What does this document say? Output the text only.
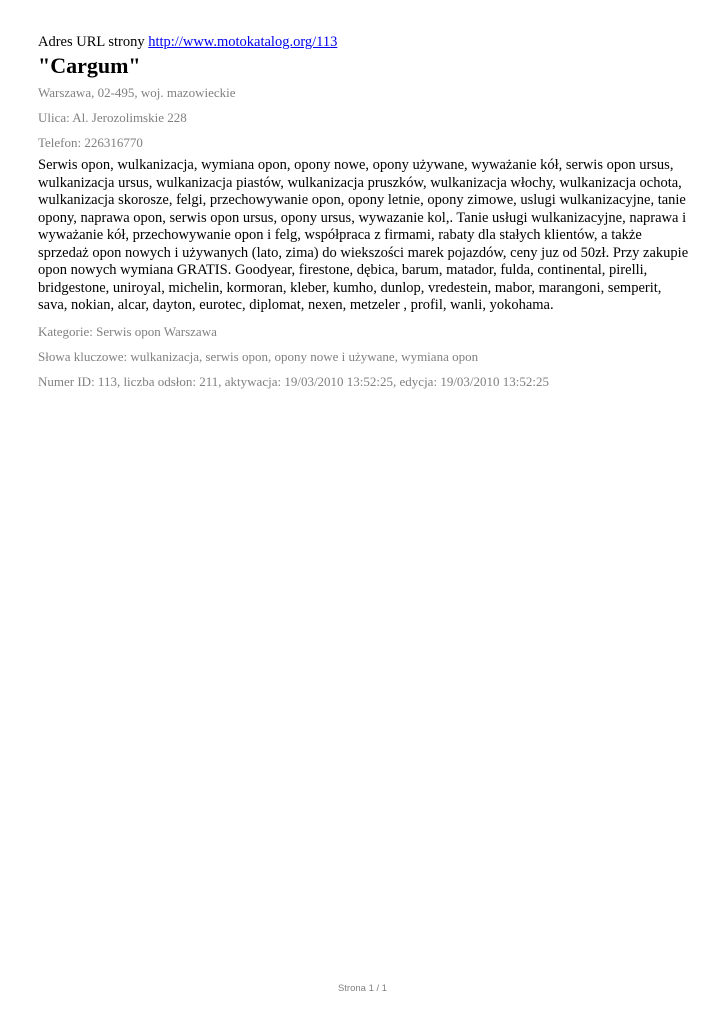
Adres URL strony http://www.motokatalog.org/113
"Cargum"
Warszawa, 02-495, woj. mazowieckie
Ulica: Al. Jerozolimskie 228
Telefon: 226316770
Serwis opon, wulkanizacja, wymiana opon, opony nowe, opony używane, wyważanie kół, serwis opon ursus, wulkanizacja ursus, wulkanizacja piastów, wulkanizacja pruszków, wulkanizacja włochy, wulkanizacja ochota, wulkanizacja skorosze, felgi, przechowywanie opon, opony letnie, opony zimowe, uslugi wulkanizacyjne, tanie opony, naprawa opon, serwis opon ursus, opony ursus, wywazanie kol,. Tanie usługi wulkanizacyjne, naprawa i wyważanie kół, przechowywanie opon i felg, współpraca z firmami, rabaty dla stałych klientów, a także sprzedaż opon nowych i używanych (lato, zima) do wiekszości marek pojazdów, ceny juz od 50zł. Przy zakupie opon nowych wymiana GRATIS. Goodyear, firestone, dębica, barum, matador, fulda, continental, pirelli, bridgestone, uniroyal, michelin, kormoran, kleber, kumho, dunlop, vredestein, mabor, marangoni, semperit, sava, nokian, alcar, dayton, eurotec, diplomat, nexen, metzeler , profil, wanli, yokohama.
Kategorie: Serwis opon Warszawa
Słowa kluczowe: wulkanizacja, serwis opon, opony nowe i używane, wymiana opon
Numer ID: 113, liczba odsłon: 211, aktywacja: 19/03/2010 13:52:25, edycja: 19/03/2010 13:52:25
Strona 1 / 1
